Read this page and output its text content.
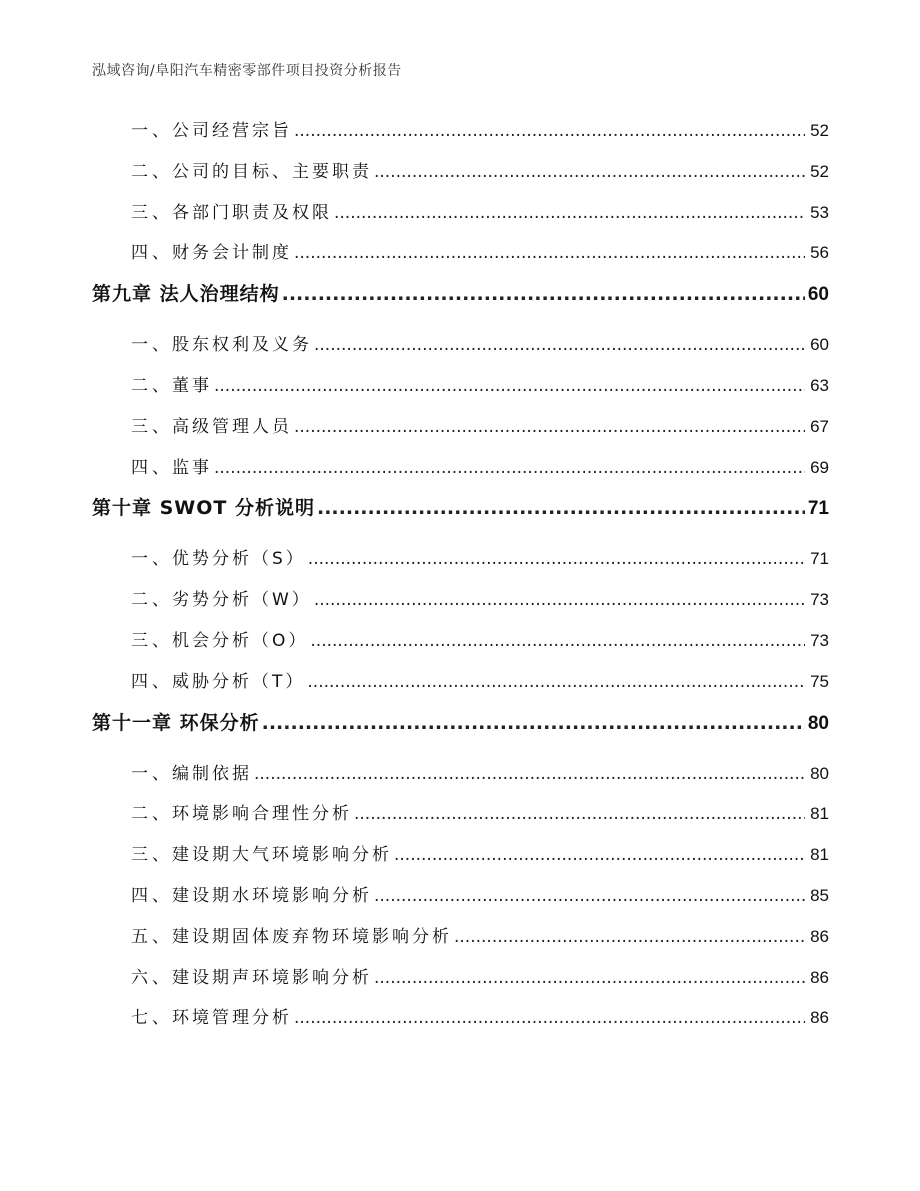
泓域咨询/阜阳汽车精密零部件项目投资分析报告
一、 公司经营宗旨 .....	52
二、 公司的目标、主要职责 .....	52
三、 各部门职责及权限 .....	53
四、 财务会计制度 .....	56
第九章 法人治理结构 .....	60
一、 股东权利及义务 .....	60
二、 董事 .....	63
三、 高级管理人员 .....	67
四、 监事 .....	69
第十章 SWOT 分析说明 .....	71
一、 优势分析（S） .....	71
二、 劣势分析（W） .....	73
三、 机会分析（O） .....	73
四、 威胁分析（T） .....	75
第十一章 环保分析 .....	80
一、 编制依据 .....	80
二、 环境影响合理性分析 .....	81
三、 建设期大气环境影响分析 .....	81
四、 建设期水环境影响分析 .....	85
五、 建设期固体废弃物环境影响分析 .....	86
六、 建设期声环境影响分析 .....	86
七、 环境管理分析 .....	86
